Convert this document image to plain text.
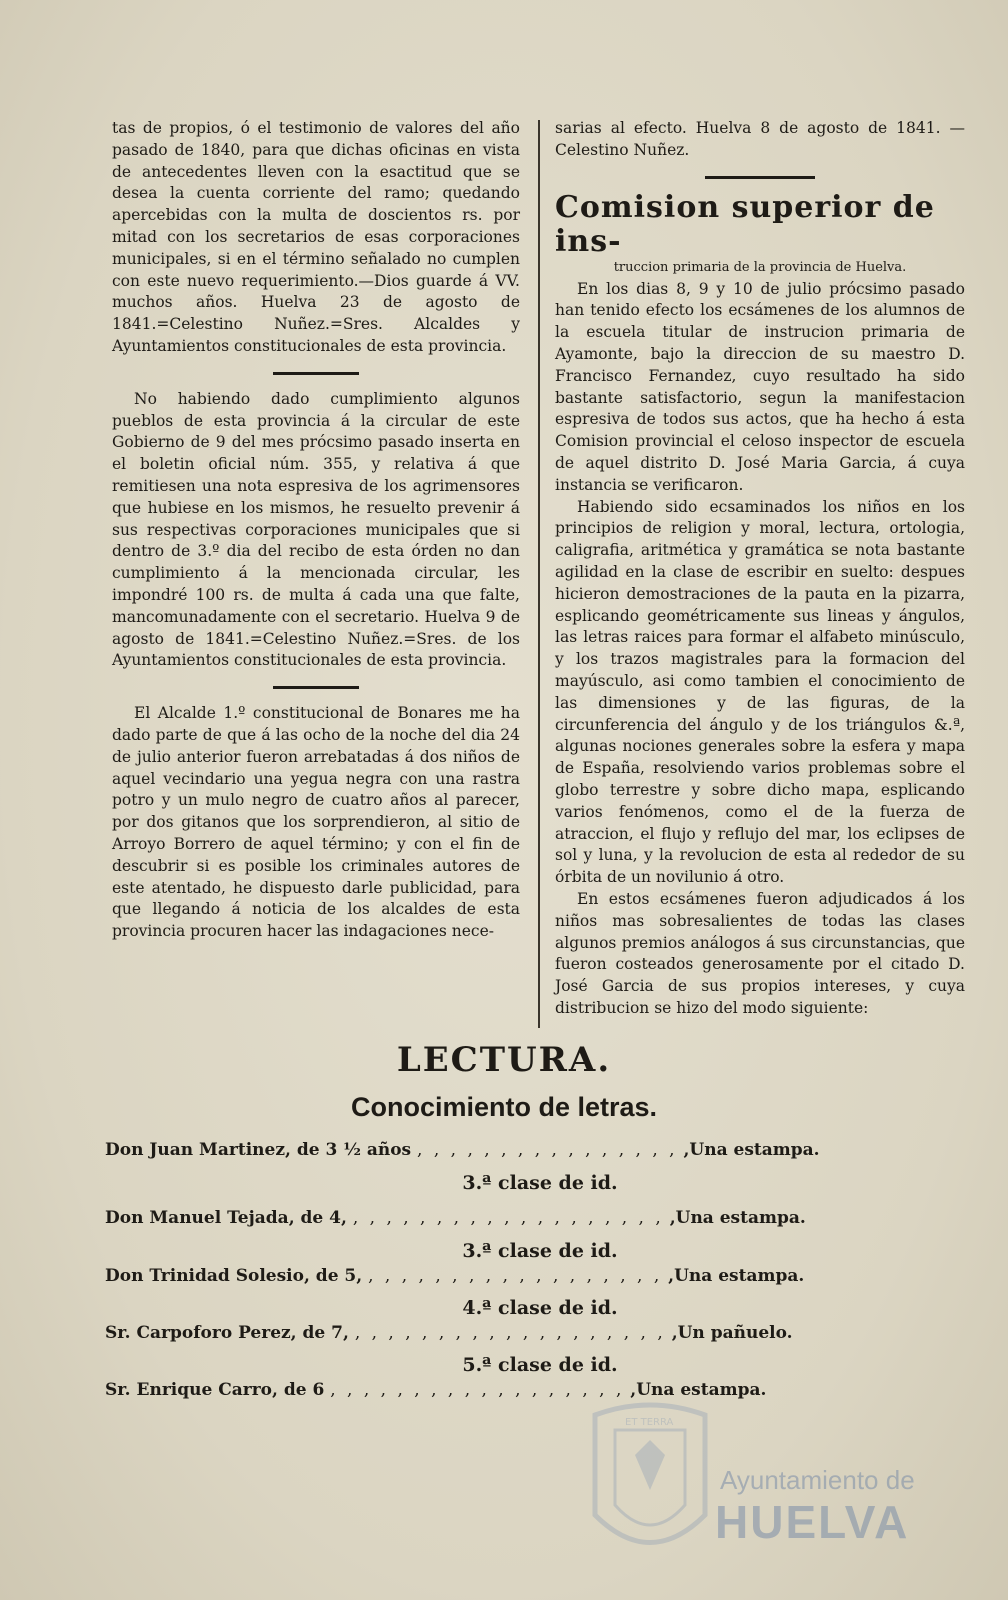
tas de propios, ó el testimonio de valores del año pasado de 1840, para que dichas oficinas en vista de antecedentes lleven con la esactitud que se desea la cuenta corriente del ramo; quedando apercebidas con la multa de doscientos rs. por mitad con los secretarios de esas corporaciones municipales, si en el término señalado no cumplen con este nuevo requerimiento.—Dios guarde á VV. muchos años. Huelva 23 de agosto de 1841.=Celestino Nuñez.=Sres. Alcaldes y Ayuntamientos constitucionales de esta provincia.

No habiendo dado cumplimiento algunos pueblos de esta provincia á la circular de este Gobierno de 9 del mes prócsimo pasado inserta en el boletin oficial núm. 355, y relativa á que remitiesen una nota espresiva de los agrimensores que hubiese en los mismos, he resuelto prevenir á sus respectivas corporaciones municipales que si dentro de 3.º dia del recibo de esta órden no dan cumplimiento á la mencionada circular, les impondré 100 rs. de multa á cada una que falte, mancomunadamente con el secretario. Huelva 9 de agosto de 1841.=Celestino Nuñez.=Sres. de los Ayuntamientos constitucionales de esta provincia.

El Alcalde 1.º constitucional de Bonares me ha dado parte de que á las ocho de la noche del dia 24 de julio anterior fueron arrebatadas á dos niños de aquel vecindario una yegua negra con una rastra potro y un mulo negro de cuatro años al parecer, por dos gitanos que los sorprendieron, al sitio de Arroyo Borrero de aquel término; y con el fin de descubrir si es posible los criminales autores de este atentado, he dispuesto darle publicidad, para que llegando á noticia de los alcaldes de esta provincia procuren hacer las indagaciones nece-

sarias al efecto. Huelva 8 de agosto de 1841. —Celestino Nuñez.

Comision superior de ins-
truccion primaria de la provincia de Huelva.

En los dias 8, 9 y 10 de julio prócsimo pasado han tenido efecto los ecsámenes de los alumnos de la escuela titular de instrucion primaria de Ayamonte, bajo la direccion de su maestro D. Francisco Fernandez, cuyo resultado ha sido bastante satisfactorio, segun la manifestacion espresiva de todos sus actos, que ha hecho á esta Comision provincial el celoso inspector de escuela de aquel distrito D. José Maria Garcia, á cuya instancia se verificaron.

Habiendo sido ecsaminados los niños en los principios de religion y moral, lectura, ortologia, caligrafia, aritmética y gramática se nota bastante agilidad en la clase de escribir en suelto: despues hicieron demostraciones de la pauta en la pizarra, esplicando geométricamente sus lineas y ángulos, las letras raices para formar el alfabeto minúsculo, y los trazos magistrales para la formacion del mayúsculo, asi como tambien el conocimiento de las dimensiones y de las figuras, de la circunferencia del ángulo y de los triángulos &.ª, algunas nociones generales sobre la esfera y mapa de España, resolviendo varios problemas sobre el globo terrestre y sobre dicho mapa, esplicando varios fenómenos, como el de la fuerza de atraccion, el flujo y reflujo del mar, los eclipses de sol y luna, y la revolucion de esta al rededor de su órbita de un novilunio á otro.

En estos ecsámenes fueron adjudicados á los niños mas sobresalientes de todas las clases algunos premios análogos á sus circunstancias, que fueron costeados generosamente por el citado D. José Garcia de sus propios intereses, y cuya distribucion se hizo del modo siguiente:

LECTURA.
Conocimiento de letras.
Don Juan Martinez, de 3 ½ años , , , , , , , , , , , , , , , , ,Una estampa.
3.ª clase de id.
Don Manuel Tejada, de 4, , , , , , , , , , , , , , , , , , , , ,Una estampa.
3.ª clase de id.
Don Trinidad Solesio, de 5, , , , , , , , , , , , , , , , , , , ,Una estampa.
4.ª clase de id.
Sr. Carpoforo Perez, de 7, , , , , , , , , , , , , , , , , , , , ,Un pañuelo.
5.ª clase de id.
Sr. Enrique Carro, de 6 , , , , , , , , , , , , , , , , , , ,Una estampa.
ET TERRA
Ayuntamiento de
HUELVA
